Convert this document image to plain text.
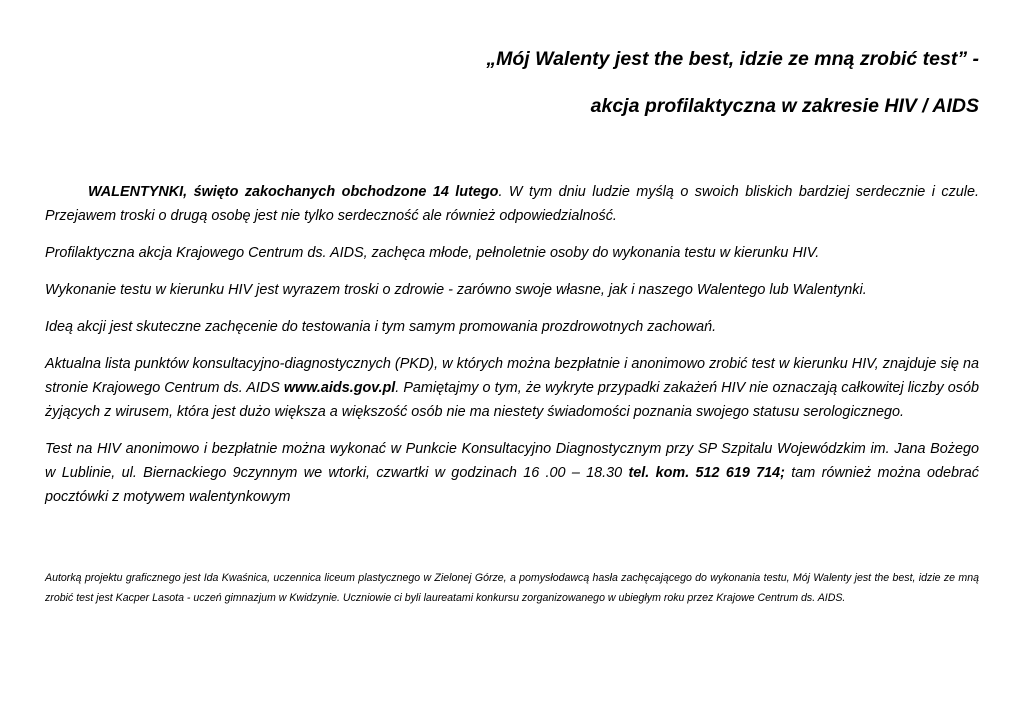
„Mój Walenty jest the best, idzie ze mną zrobić test” -
akcja profilaktyczna w zakresie HIV / AIDS

WALENTYNKI, święto zakochanych obchodzone 14 lutego. W tym dniu ludzie myślą o swoich bliskich bardziej serdecznie i czule. Przejawem troski o drugą osobę jest nie tylko serdeczność ale również odpowiedzialność.

Profilaktyczna akcja Krajowego Centrum ds. AIDS, zachęca młode, pełnoletnie osoby do wykonania testu w kierunku HIV.

Wykonanie testu w kierunku HIV jest wyrazem troski o zdrowie - zarówno swoje własne, jak i naszego Walentego lub Walentynki.

Ideą akcji jest skuteczne zachęcenie do testowania i tym samym promowania prozdrowotnych zachowań.

Aktualna lista punktów konsultacyjno-diagnostycznych (PKD), w których można bezpłatnie i anonimowo zrobić test w kierunku HIV, znajduje się na stronie Krajowego Centrum ds. AIDS www.aids.gov.pl. Pamiętajmy o tym, że wykryte przypadki zakażeń HIV nie oznaczają całkowitej liczby osób żyjących z wirusem, która jest dużo większa a większość osób nie ma niestety świadomości poznania swojego statusu serologicznego.

Test na HIV anonimowo i bezpłatnie można wykonać w Punkcie Konsultacyjno Diagnostycznym przy SP Szpitalu Wojewódzkim im. Jana Bożego w Lublinie, ul. Biernackiego 9czynnym we wtorki, czwartki w godzinach 16 .00 – 18.30 tel. kom. 512 619 714; tam również można odebrać pocztówki z motywem walentynkowym

Autorką projektu graficznego jest Ida Kwaśnica, uczennica liceum plastycznego w Zielonej Górze, a pomysłodawcą hasła zachęcającego do wykonania testu, Mój Walenty jest the best, idzie ze mną zrobić test jest Kacper Lasota - uczeń gimnazjum w Kwidzynie. Uczniowie ci byli laureatami konkursu zorganizowanego w ubiegłym roku przez Krajowe Centrum ds. AIDS.
